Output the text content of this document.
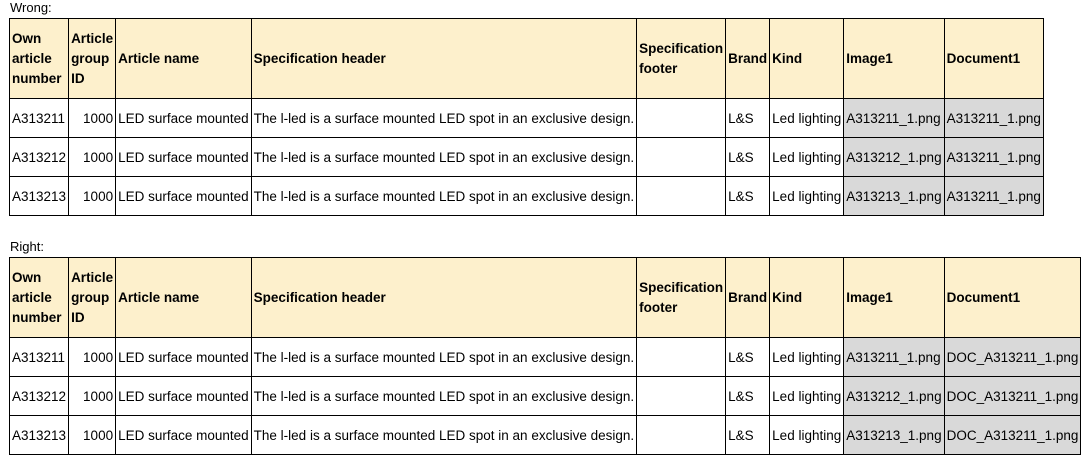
Wrong:
Own article number	Article group ID	Article name	Specification header	Specification footer	Brand	Kind	Image1	Document1
A313211	1000	LED surface mounted	The l-led is a surface mounted LED spot in an exclusive design.		L&S	Led lighting	A313211_1.png	A313211_1.png
A313212	1000	LED surface mounted	The l-led is a surface mounted LED spot in an exclusive design.		L&S	Led lighting	A313212_1.png	A313211_1.png
A313213	1000	LED surface mounted	The l-led is a surface mounted LED spot in an exclusive design.		L&S	Led lighting	A313213_1.png	A313211_1.png
Right:
Own article number	Article group ID	Article name	Specification header	Specification footer	Brand	Kind	Image1	Document1
A313211	1000	LED surface mounted	The l-led is a surface mounted LED spot in an exclusive design.		L&S	Led lighting	A313211_1.png	DOC_A313211_1.png
A313212	1000	LED surface mounted	The l-led is a surface mounted LED spot in an exclusive design.		L&S	Led lighting	A313212_1.png	DOC_A313211_1.png
A313213	1000	LED surface mounted	The l-led is a surface mounted LED spot in an exclusive design.		L&S	Led lighting	A313213_1.png	DOC_A313211_1.png
